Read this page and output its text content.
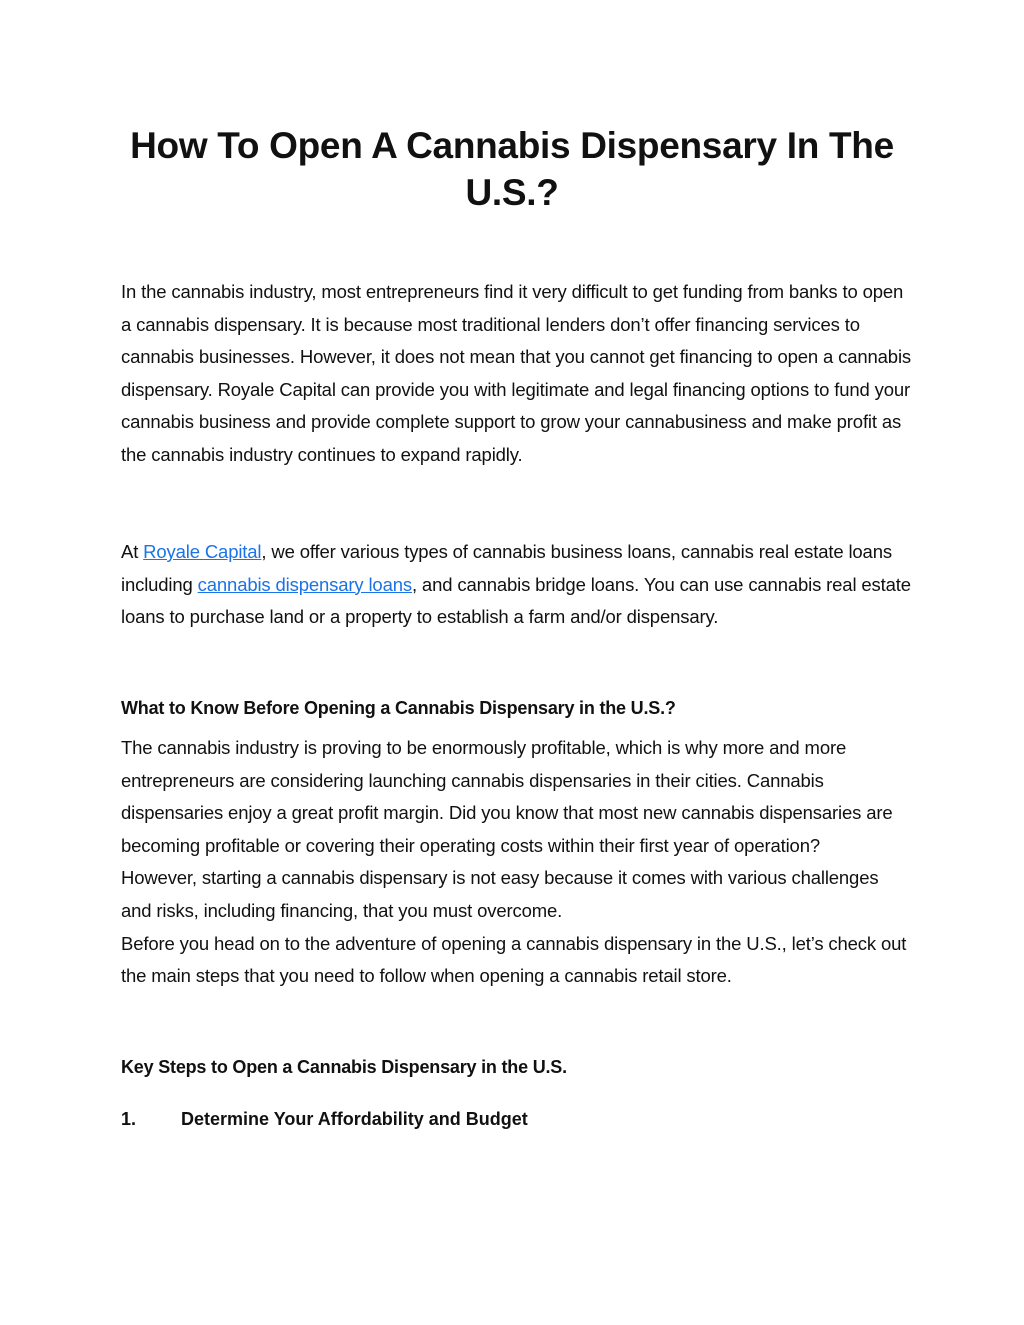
How To Open A Cannabis Dispensary In The U.S.?

In the cannabis industry, most entrepreneurs find it very difficult to get funding from banks to open a cannabis dispensary. It is because most traditional lenders don’t offer financing services to cannabis businesses. However, it does not mean that you cannot get financing to open a cannabis dispensary. Royale Capital can provide you with legitimate and legal financing options to fund your cannabis business and provide complete support to grow your cannabusiness and make profit as the cannabis industry continues to expand rapidly.

At Royale Capital, we offer various types of cannabis business loans, cannabis real estate loans including cannabis dispensary loans, and cannabis bridge loans. You can use cannabis real estate loans to purchase land or a property to establish a farm and/or dispensary.

What to Know Before Opening a Cannabis Dispensary in the U.S.?
The cannabis industry is proving to be enormously profitable, which is why more and more entrepreneurs are considering launching cannabis dispensaries in their cities. Cannabis dispensaries enjoy a great profit margin. Did you know that most new cannabis dispensaries are becoming profitable or covering their operating costs within their first year of operation?
However, starting a cannabis dispensary is not easy because it comes with various challenges and risks, including financing, that you must overcome.
Before you head on to the adventure of opening a cannabis dispensary in the U.S., let’s check out the main steps that you need to follow when opening a cannabis retail store.
Key Steps to Open a Cannabis Dispensary in the U.S.
1.	Determine Your Affordability and Budget
